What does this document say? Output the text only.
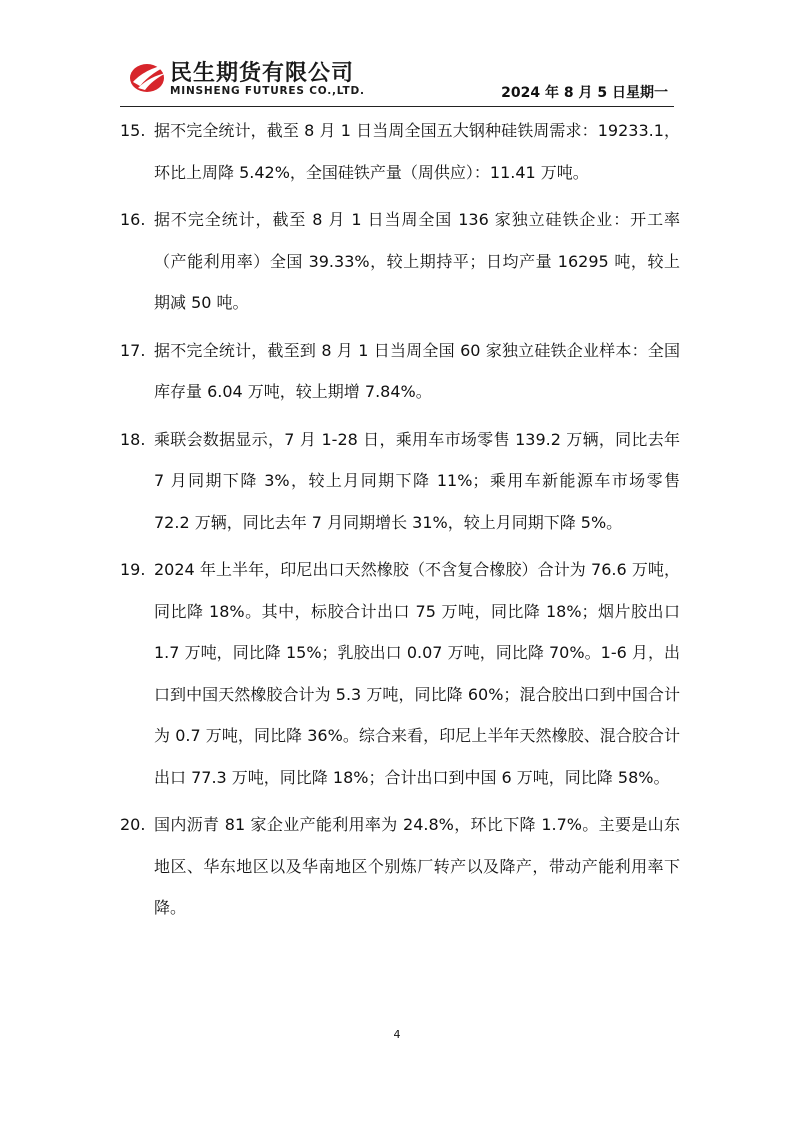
民生期货有限公司
MINSHENG FUTURES CO.,LTD.	2024 年 8 月 5 日星期一
15. 据不完全统计，截至 8 月 1 日当周全国五大钢种硅铁周需求：19233.1，环比上周降 5.42%，全国硅铁产量（周供应）：11.41 万吨。
16. 据不完全统计，截至 8 月 1 日当周全国 136 家独立硅铁企业：开工率（产能利用率）全国 39.33%，较上期持平；日均产量 16295 吨，较上期减 50 吨。
17. 据不完全统计，截至到 8 月 1 日当周全国 60 家独立硅铁企业样本：全国库存量 6.04 万吨，较上期增 7.84%。
18. 乘联会数据显示，7 月 1-28 日，乘用车市场零售 139.2 万辆，同比去年 7 月同期下降 3%，较上月同期下降 11%；乘用车新能源车市场零售 72.2 万辆，同比去年 7 月同期增长 31%，较上月同期下降 5%。
19. 2024 年上半年，印尼出口天然橡胶（不含复合橡胶）合计为 76.6 万吨，同比降 18%。其中，标胶合计出口 75 万吨，同比降 18%；烟片胶出口 1.7 万吨，同比降 15%；乳胶出口 0.07 万吨，同比降 70%。1-6 月，出口到中国天然橡胶合计为 5.3 万吨，同比降 60%；混合胶出口到中国合计为 0.7 万吨，同比降 36%。综合来看，印尼上半年天然橡胶、混合胶合计出口 77.3 万吨，同比降 18%；合计出口到中国 6 万吨，同比降 58%。
20. 国内沥青 81 家企业产能利用率为 24.8%，环比下降 1.7%。主要是山东地区、华东地区以及华南地区个别炼厂转产以及降产，带动产能利用率下降。
4
